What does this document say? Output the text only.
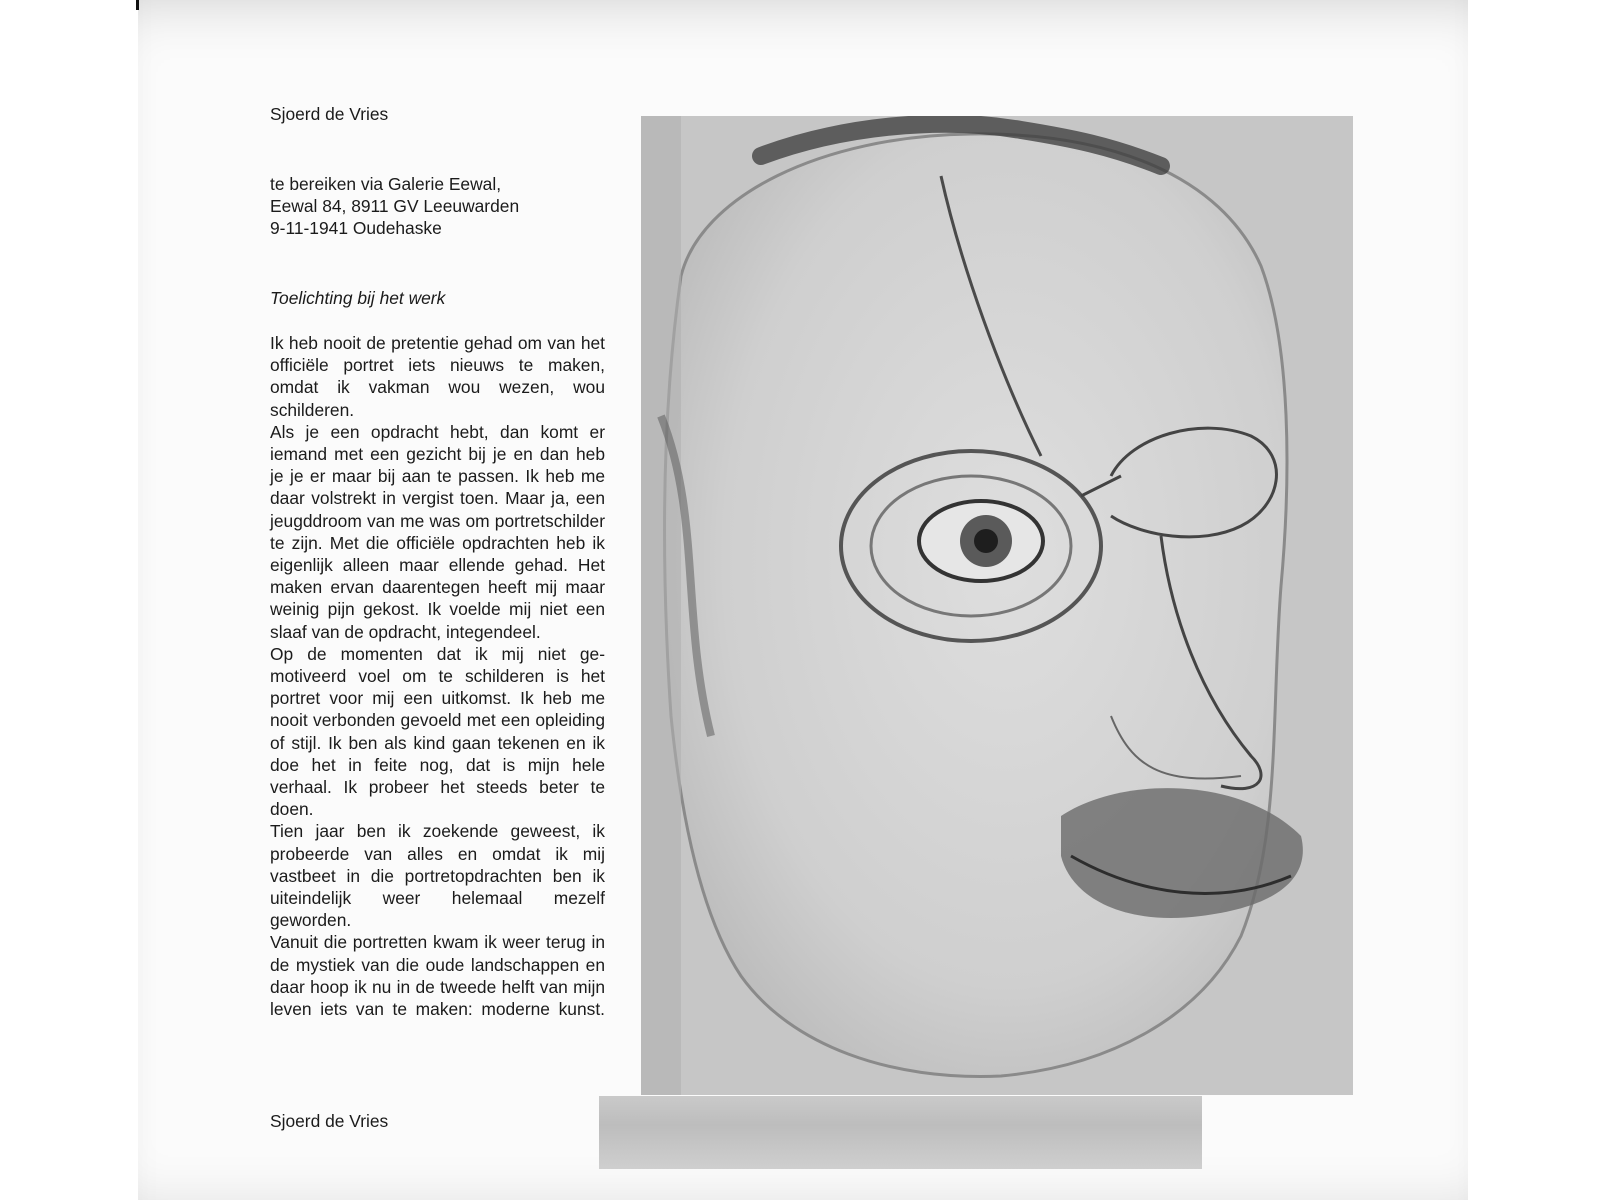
Sjoerd de Vries
te bereiken via Galerie Eewal,
Eewal 84, 8911 GV Leeuwarden
9-11-1941 Oudehaske
Toelichting bij het werk

Ik heb nooit de pretentie gehad om van het officiële portret iets nieuws te maken, omdat ik vakman wou wezen, wou schilderen.

Als je een opdracht hebt, dan komt er iemand met een gezicht bij je en dan heb je je er maar bij aan te passen. Ik heb me daar volstrekt in vergist toen. Maar ja, een jeugddroom van me was om portretschilder te zijn. Met die officiële opdrachten heb ik eigenlijk alleen maar ellende gehad. Het maken ervan daarentegen heeft mij maar weinig pijn gekost. Ik voelde mij niet een slaaf van de opdracht, integendeel.

Op de momenten dat ik mij niet gemotiveerd voel om te schilderen is het portret voor mij een uitkomst. Ik heb me nooit verbonden gevoeld met een opleiding of stijl. Ik ben als kind gaan tekenen en ik doe het in feite nog, dat is mijn hele verhaal. Ik probeer het steeds beter te doen.

Tien jaar ben ik zoekende geweest, ik probeerde van alles en omdat ik mij vastbeet in die portretopdrachten ben ik uiteindelijk weer helemaal mezelf geworden.

Vanuit die portretten kwam ik weer terug in de mystiek van die oude landschappen en daar hoop ik nu in de tweede helft van mijn leven iets van te maken: moderne kunst.

Sjoerd de Vries
